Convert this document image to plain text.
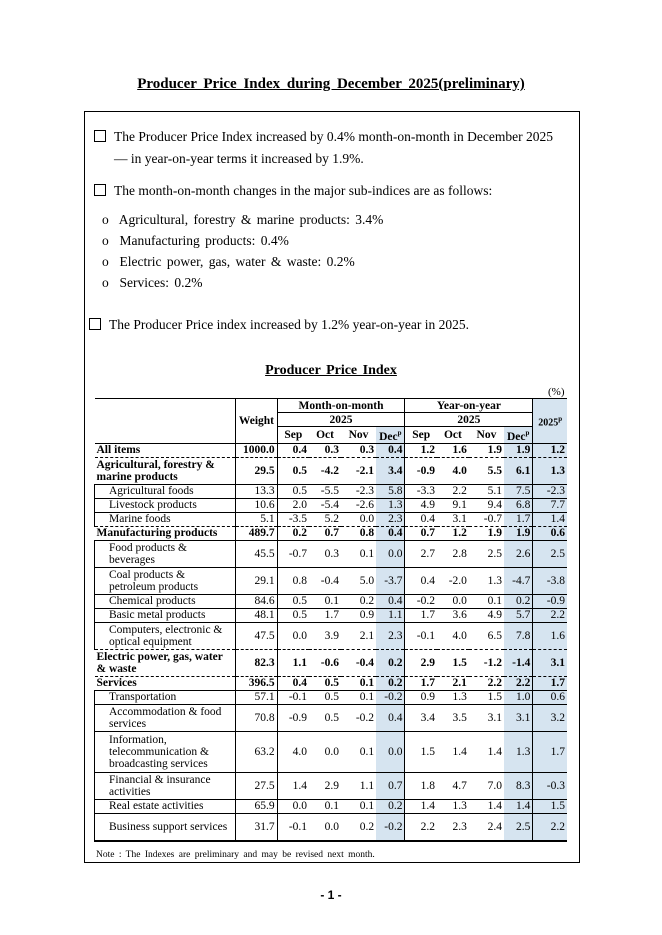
Producer Price Index during December 2025(preliminary)
The Producer Price Index increased by 0.4% month-on-month in December 2025
— in year-on-year terms it increased by 1.9%.
The month-on-month changes in the major sub-indices are as follows:
o Agricultural, forestry & marine products: 3.4%
o Manufacturing products: 0.4%
o Electric power, gas, water & waste: 0.2%
o Services: 0.2%
The Producer Price index increased by 1.2% year-on-year in 2025.
Producer Price Index
(%)
	Weight	Month-on-month				Year-on-year				2025$^p$
		2025				2025				
		Sep	Oct	Nov	Dec$^p$	Sep	Oct	Nov	Dec$^p$
All items	1000.0	0.4	0.3	0.3	0.4	1.2	1.6	1.9	1.9	1.2
Agricultural, forestry & marine products	29.5	0.5	-4.2	-2.1	3.4	-0.9	4.0	5.5	6.1	1.3
Agricultural foods	13.3	0.5	-5.5	-2.3	5.8	-3.3	2.2	5.1	7.5	-2.3
Livestock products	10.6	2.0	-5.4	-2.6	1.3	4.9	9.1	9.4	6.8	7.7
Marine foods	5.1	-3.5	5.2	0.0	2.3	0.4	3.1	-0.7	1.7	1.4
Manufacturing products	489.7	0.2	0.7	0.8	0.4	0.7	1.2	1.9	1.9	0.6
Food products & beverages	45.5	-0.7	0.3	0.1	0.0	2.7	2.8	2.5	2.6	2.5
Coal products & petroleum products	29.1	0.8	-0.4	5.0	-3.7	0.4	-2.0	1.3	-4.7	-3.8
Chemical products	84.6	0.5	0.1	0.2	0.4	-0.2	0.0	0.1	0.2	-0.9
Basic metal products	48.1	0.5	1.7	0.9	1.1	1.7	3.6	4.9	5.7	2.2
Computers, electronic & optical equipment	47.5	0.0	3.9	2.1	2.3	-0.1	4.0	6.5	7.8	1.6
Electric power, gas, water & waste	82.3	1.1	-0.6	-0.4	0.2	2.9	1.5	-1.2	-1.4	3.1
Services	396.5	0.4	0.5	0.1	0.2	1.7	2.1	2.2	2.2	1.7
Transportation	57.1	-0.1	0.5	0.1	-0.2	0.9	1.3	1.5	1.0	0.6
Accommodation & food services	70.8	-0.9	0.5	-0.2	0.4	3.4	3.5	3.1	3.1	3.2
Information, telecommunication & broadcasting services	63.2	4.0	0.0	0.1	0.0	1.5	1.4	1.4	1.3	1.7
Financial & insurance activities	27.5	1.4	2.9	1.1	0.7	1.8	4.7	7.0	8.3	-0.3
Real estate activities	65.9	0.0	0.1	0.1	0.2	1.4	1.3	1.4	1.4	1.5
Business support services	31.7	-0.1	0.0	0.2	-0.2	2.2	2.3	2.4	2.5	2.2
Note : The Indexes are preliminary and may be revised next month.
- 1 -
